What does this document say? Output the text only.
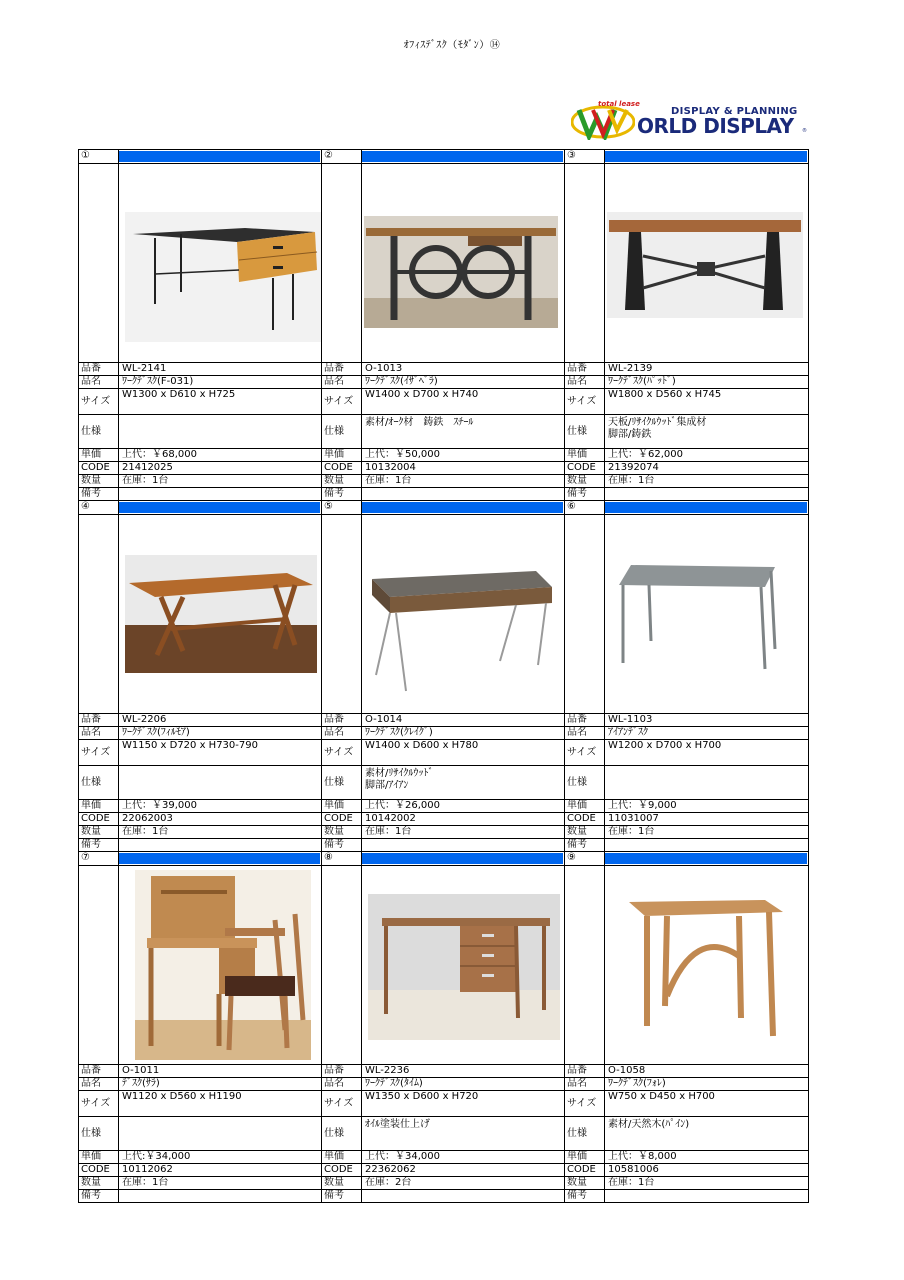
ｵﾌｨｽﾃﾞｽｸ（ﾓﾀﾞﾝ）⑭
total lease
DISPLAY & PLANNING
ORLD DISPLAY ®
①
品番	WL-2141
品名	ﾜｰｸﾃﾞｽｸ(F-031)
サイズ
W1300 x D610 x H725
仕様
単価	上代：￥68,000
CODE	21412025
数量	在庫：1台
備考
②
品番	O-1013
品名	ﾜｰｸﾃﾞｽｸ(ｲｻﾞﾍﾞﾗ)
サイズ
W1400 x D700 x H740
仕様
素材/ｵｰｸ材　鋳鉄　ｽﾁｰﾙ
単価	上代：￥50,000
CODE	10132004
数量	在庫：1台
備考
③
品番	WL-2139
品名	ﾜｰｸﾃﾞｽｸ(ﾊﾟｯﾄﾞ)
サイズ
W1800 x D560 x H745
仕様
天板/ﾘｻｲｸﾙｳｯﾄﾞ集成材
脚部/鋳鉄
単価	上代：￥62,000
CODE	21392074
数量	在庫：1台
備考
④
品番	WL-2206
品名	ﾜｰｸﾃﾞｽｸ(ﾌｨﾙﾓｱ)
サイズ
W1150 x D720 x H730-790
仕様
単価	上代：￥39,000
CODE	22062003
数量	在庫：1台
備考
⑤
品番	O-1014
品名	ﾜｰｸﾃﾞｽｸ(ｸﾚｲｸﾞ)
サイズ
W1400 x D600 x H780
仕様
素材/ﾘｻｲｸﾙｳｯﾄﾞ
脚部/ｱｲｱﾝ
単価	上代：￥26,000
CODE	10142002
数量	在庫：1台
備考
⑥
品番	WL-1103
品名	ｱｲｱﾝﾃﾞｽｸ
サイズ
W1200 x D700 x H700
仕様
単価	上代：￥9,000
CODE	11031007
数量	在庫：1台
備考
⑦
品番	O-1011
品名	ﾃﾞｽｸ(ｻﾗ)
サイズ
W1120 x D560 x H1190
仕様
単価	上代:￥34,000
CODE	10112062
数量	在庫：1台
備考
⑧
品番	WL-2236
品名	ﾜｰｸﾃﾞｽｸ(ﾀｲﾑ)
サイズ
W1350 x D600 x H720
仕様
ｵｲﾙ塗装仕上げ
単価	上代：￥34,000
CODE	22362062
数量	在庫：2台
備考
⑨
品番	O-1058
品名	ﾜｰｸﾃﾞｽｸ(ﾌｫﾚ)
サイズ
W750 x D450 x H700
仕様
素材/天然木(ﾊﾟｲﾝ)
単価	上代：￥8,000
CODE	10581006
数量	在庫：1台
備考
